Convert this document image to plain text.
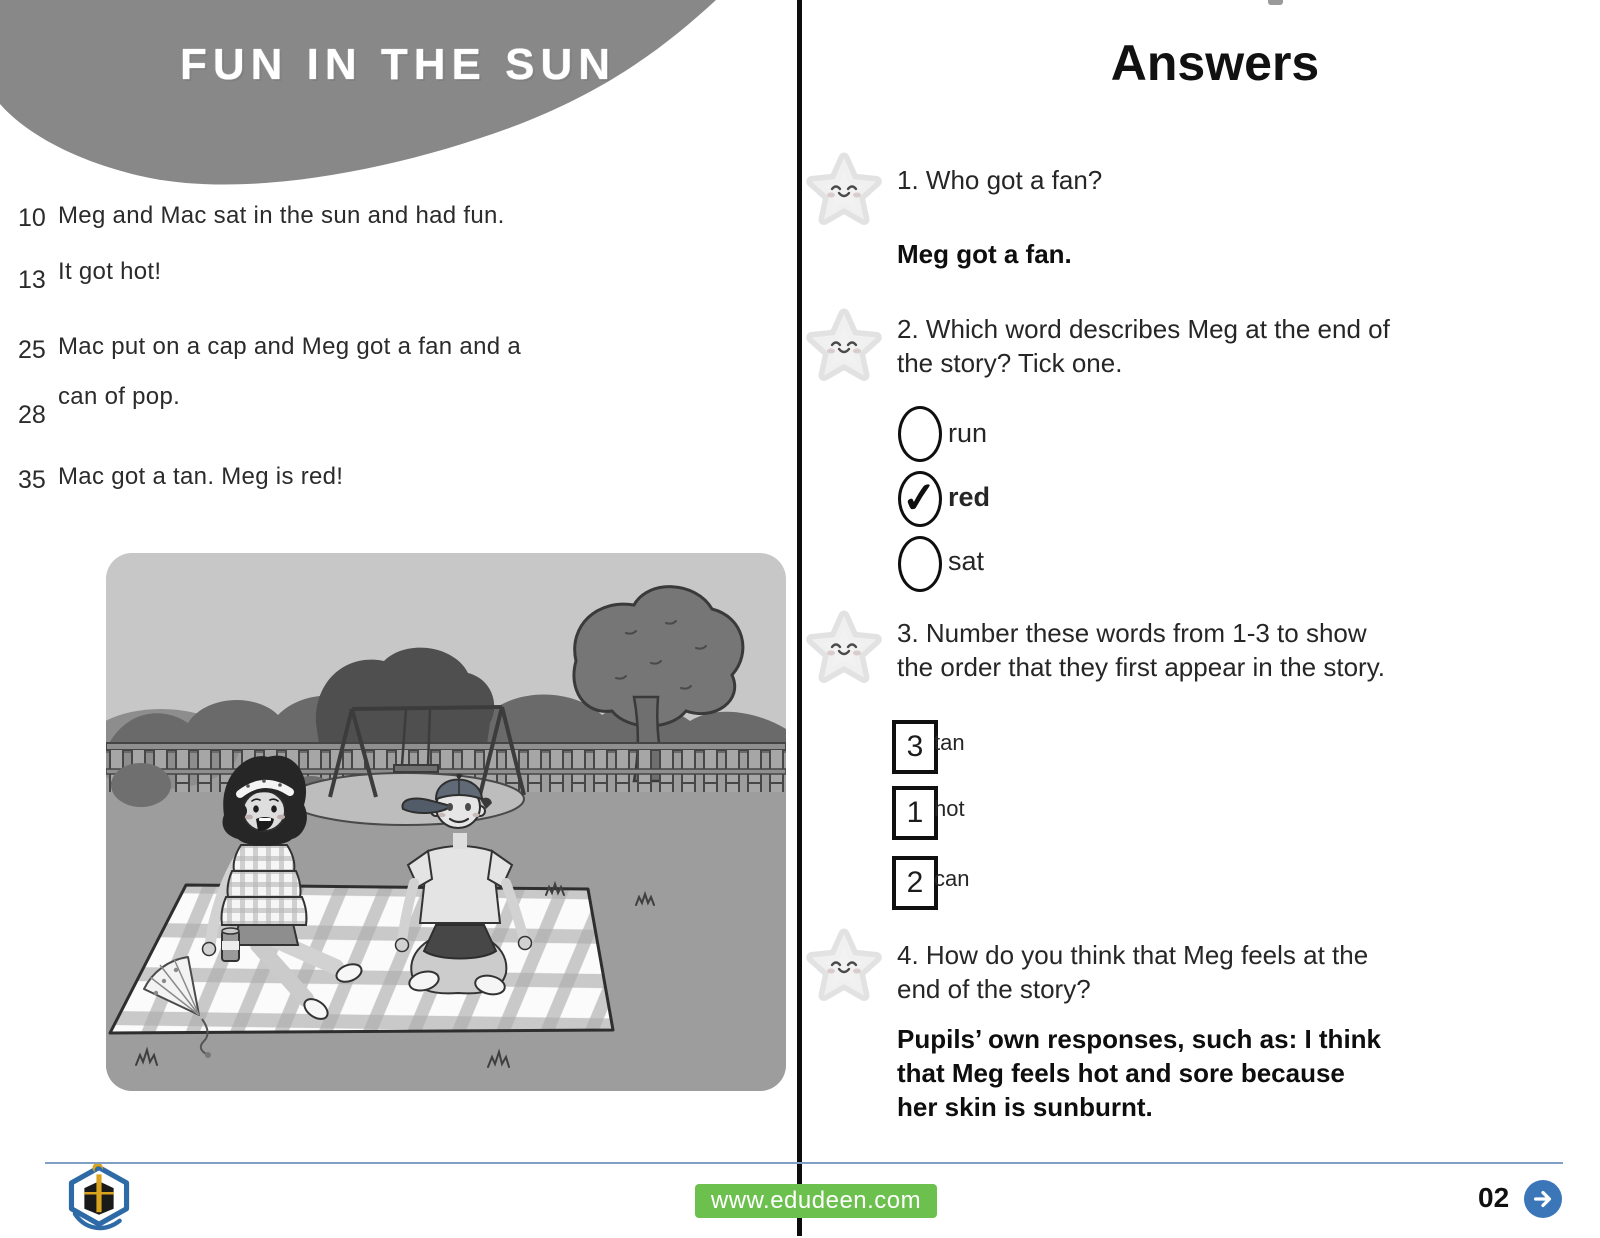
FUN IN THE SUN
10 Meg and Mac sat in the sun and had fun.
13 It got hot!
25 Mac put on a cap and Meg got a fan and a
28
can of pop.
35 Mac got a tan. Meg is red!
Answers
1. Who got a fan?
Meg got a fan.
2. Which word describes Meg at the end of
the story? Tick one.
run
✓ red
sat
3. Number these words from 1-3 to show
the order that they first appear in the story.
3 tan
1 hot
2 can
4. How do you think that Meg feels at the
end of the story?
Pupils’ own responses, such as: I think
that Meg feels hot and sore because
her skin is sunburnt.
www.edudeen.com	02
